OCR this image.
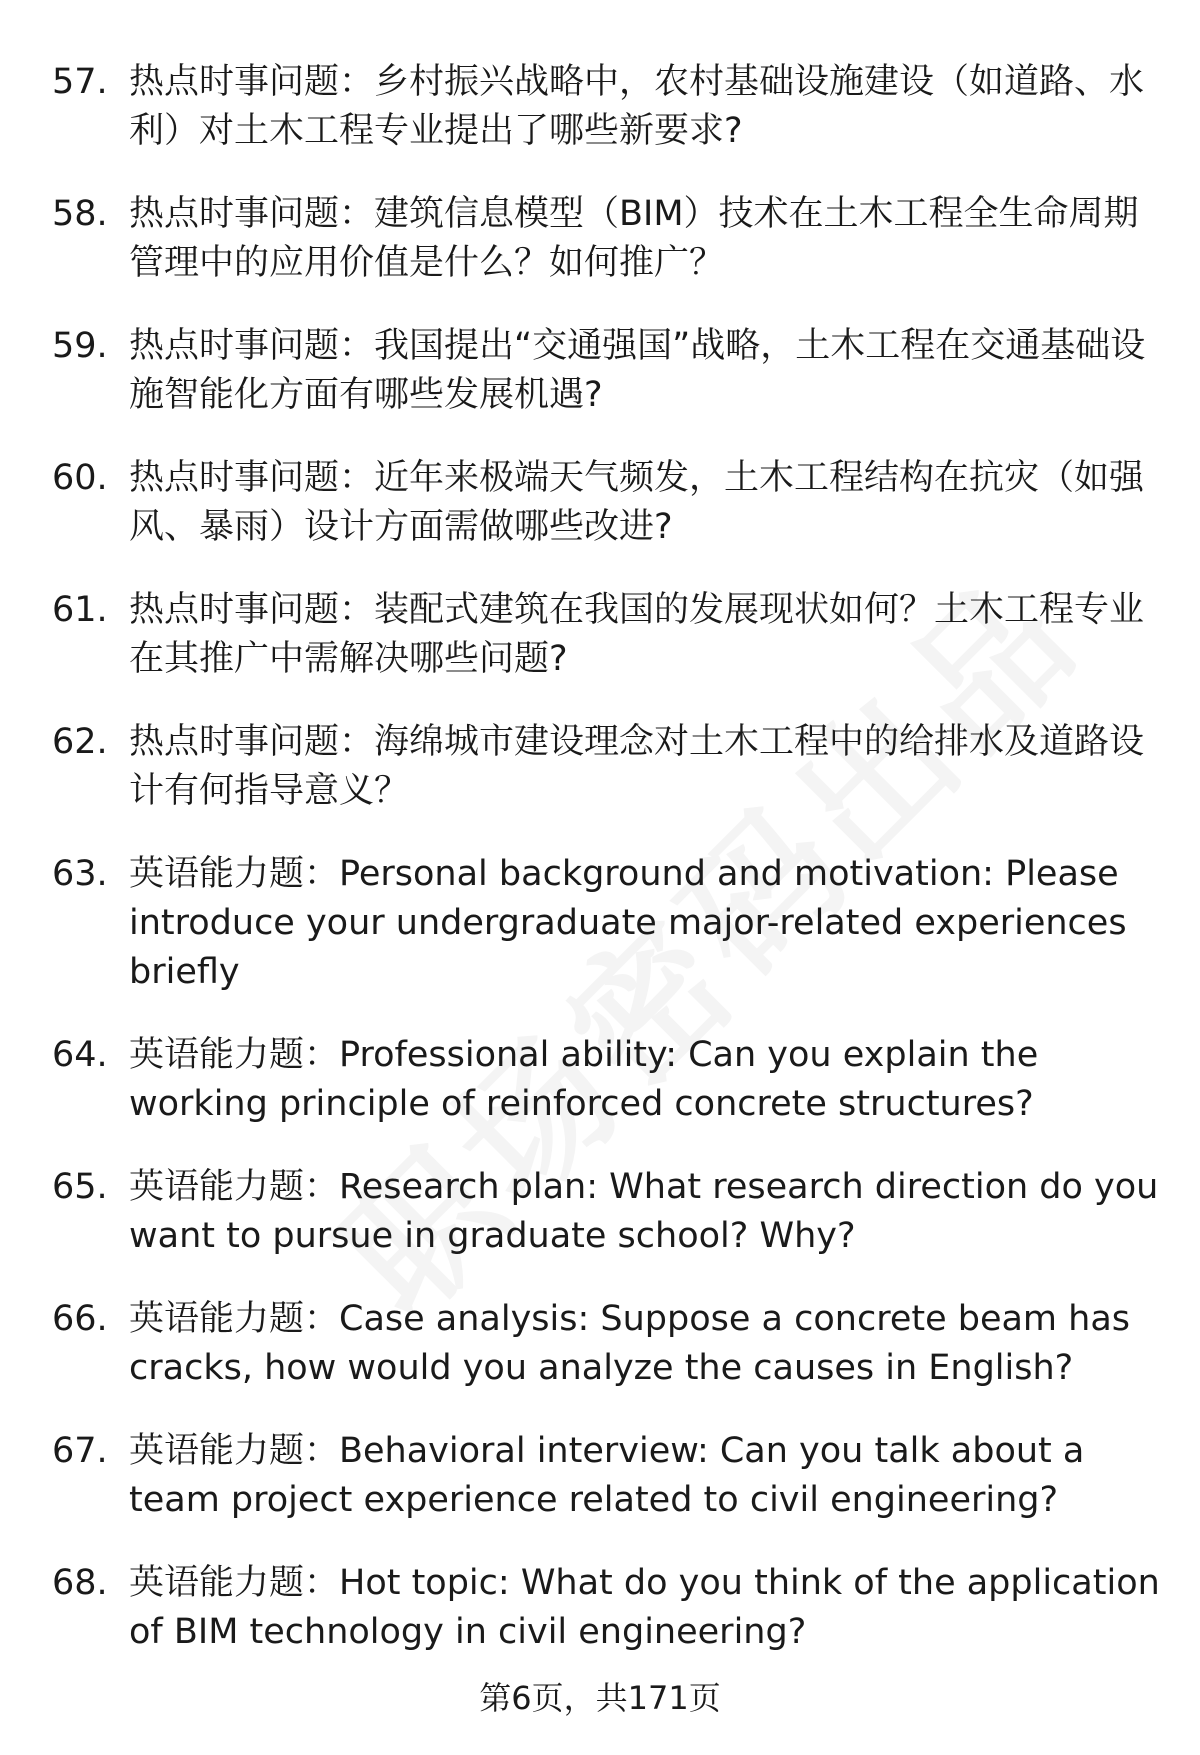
57. 热点时事问题：乡村振兴战略中，农村基础设施建设（如道路、水利）对土木工程专业提出了哪些新要求?
58. 热点时事问题：建筑信息模型（BIM）技术在土木工程全生命周期管理中的应用价值是什么？如何推广？
59. 热点时事问题：我国提出“交通强国”战略，土木工程在交通基础设施智能化方面有哪些发展机遇?
60. 热点时事问题：近年来极端天气频发，土木工程结构在抗灾（如强风、暴雨）设计方面需做哪些改进?
61. 热点时事问题：装配式建筑在我国的发展现状如何？土木工程专业在其推广中需解决哪些问题?
62. 热点时事问题：海绵城市建设理念对土木工程中的给排水及道路设计有何指导意义？
63. 英语能力题：Personal background and motivation: Please introduce your undergraduate major-related experiences briefly
64. 英语能力题：Professional ability: Can you explain the working principle of reinforced concrete structures?
65. 英语能力题：Research plan: What research direction do you want to pursue in graduate school? Why?
66. 英语能力题：Case analysis: Suppose a concrete beam has cracks, how would you analyze the causes in English?
67. 英语能力题：Behavioral interview: Can you talk about a team project experience related to civil engineering?
68. 英语能力题：Hot topic: What do you think of the application of BIM technology in civil engineering?
第6页，共171页
